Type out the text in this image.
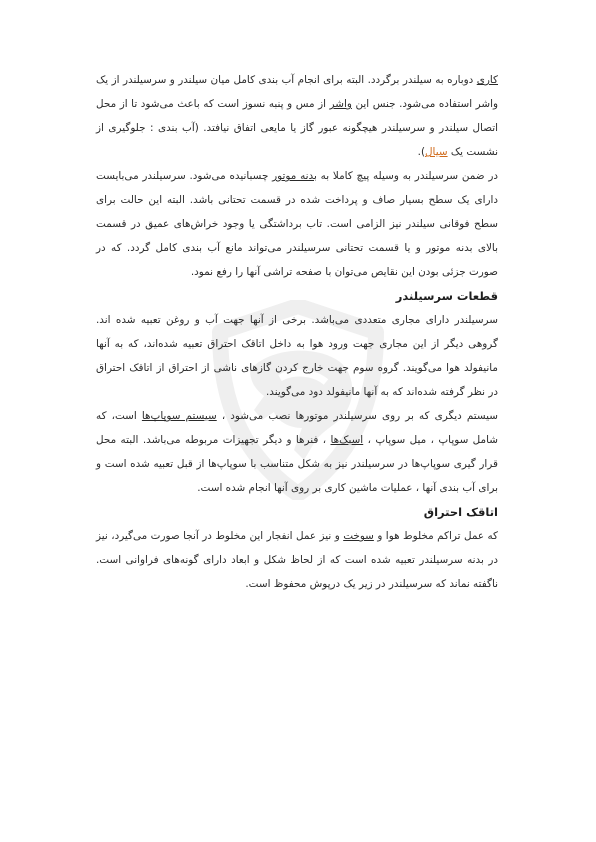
کاری دوباره به سیلندر برگردد. البته برای انجام آب بندی کامل میان سیلندر و سرسیلندر از یک واشر استفاده می‌شود. جنس این واشر از مس و پنبه نسوز است که باعث می‌شود تا از محل اتصال سیلندر و سرسیلندر هیچگونه عبور گاز یا مایعی اتفاق نیافتد. (آب بندی : جلوگیری از نشست یک سیال).

در ضمن سرسیلندر به وسیله پیچ کاملا به بدنه موتور چسبانیده می‌شود. سرسیلندر می‌بایست دارای یک سطح بسیار صاف و پرداخت شده در قسمت تحتانی باشد. البته این حالت برای سطح فوقانی سیلندر نیز الزامی است. تاب برداشتگی یا وجود خراش‌های عمیق در قسمت بالای بدنه موتور و یا قسمت تحتانی سرسیلندر می‌تواند مانع آب بندی کامل گردد. که در صورت جزئی بودن این نقایص می‌توان با صفحه تراشی آنها را رفع نمود.

قطعات سرسیلندر

سرسیلندر دارای مجاری متعددی می‌باشد. برخی از آنها جهت آب و روغن تعبیه شده اند. گروهی دیگر از این مجاری جهت ورود هوا به داخل اتاقک احتراق تعبیه شده‌اند، که به آنها مانیفولد هوا می‌گویند. گروه سوم جهت خارج کردن گازهای ناشی از احتراق از اتاقک احتراق در نظر گرفته شده‌اند که به آنها مانیفولد دود می‌گویند.

سیستم دیگری که بر روی سرسیلندر موتورها نصب می‌شود ، سیستم سوپاپ‌ها است، که شامل سوپاپ ، میل سوپاپ ، اسبک‌ها ، فنرها و دیگر تجهیزات مربوطه می‌باشد. البته محل قرار گیری سوپاپ‌ها در سرسیلندر نیز به شکل متناسب با سوپاپ‌ها از قبل تعبیه شده است و برای آب بندی آنها ، عملیات ماشین کاری بر روی آنها انجام شده است.

اتاقک احتراق

که عمل تراکم مخلوط هوا و سوخت و نیز عمل انفجار این مخلوط در آنجا صورت می‌گیرد، نیز در بدنه سرسیلندر تعبیه شده است که از لحاظ شکل و ابعاد دارای گونه‌های فراوانی است. ناگفته نماند که سرسیلندر در زیر یک درپوش محفوظ است.
